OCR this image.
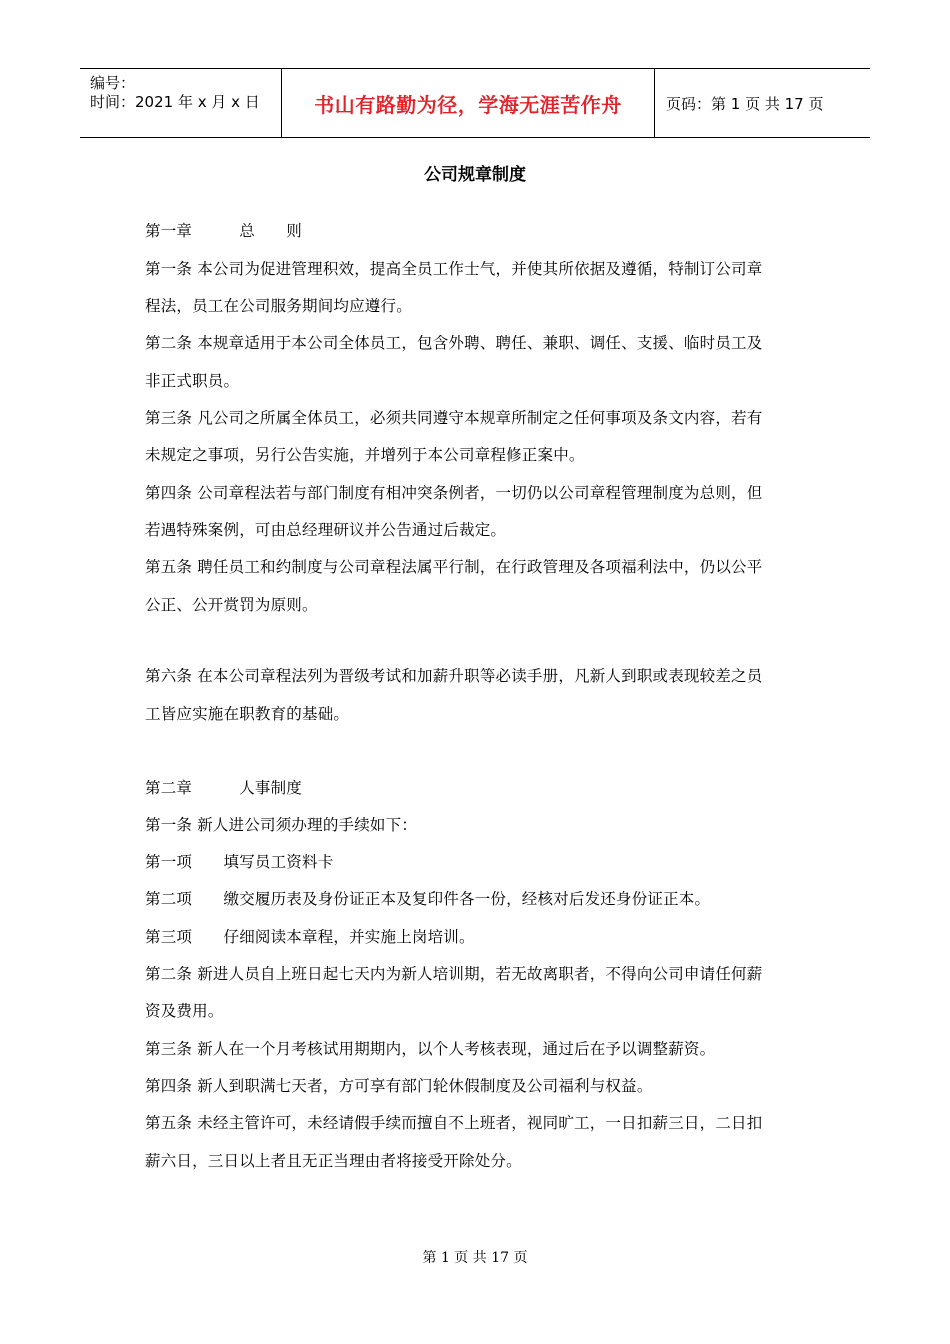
编号：
时间：2021 年 x 月 x 日	书山有路勤为径，学海无涯苦作舟	页码：第 1 页 共 17 页
公司规章制度
第一章　　　总　　则
第一条 本公司为促进管理积效，提高全员工作士气，并使其所依据及遵循，特制订公司章
程法，员工在公司服务期间均应遵行。
第二条 本规章适用于本公司全体员工，包含外聘、聘任、兼职、调任、支援、临时员工及
非正式职员。
第三条 凡公司之所属全体员工，必须共同遵守本规章所制定之任何事项及条文内容，若有
未规定之事项，另行公告实施，并增列于本公司章程修正案中。
第四条 公司章程法若与部门制度有相冲突条例者，一切仍以公司章程管理制度为总则，但
若遇特殊案例，可由总经理研议并公告通过后裁定。
第五条 聘任员工和约制度与公司章程法属平行制，在行政管理及各项福利法中，仍以公平
公正、公开赏罚为原则。
第六条 在本公司章程法列为晋级考试和加薪升职等必读手册，凡新人到职或表现较差之员
工皆应实施在职教育的基础。
第二章　　　人事制度
第一条 新人进公司须办理的手续如下：
第一项　　填写员工资料卡
第二项　　缴交履历表及身份证正本及复印件各一份，经核对后发还身份证正本。
第三项　　仔细阅读本章程，并实施上岗培训。
第二条 新进人员自上班日起七天内为新人培训期，若无故离职者，不得向公司申请任何薪
资及费用。
第三条 新人在一个月考核试用期期内，以个人考核表现，通过后在予以调整薪资。
第四条 新人到职满七天者，方可享有部门轮休假制度及公司福利与权益。
第五条 未经主管许可，未经请假手续而擅自不上班者，视同旷工，一日扣薪三日，二日扣
薪六日，三日以上者且无正当理由者将接受开除处分。
第 1 页 共 17 页
